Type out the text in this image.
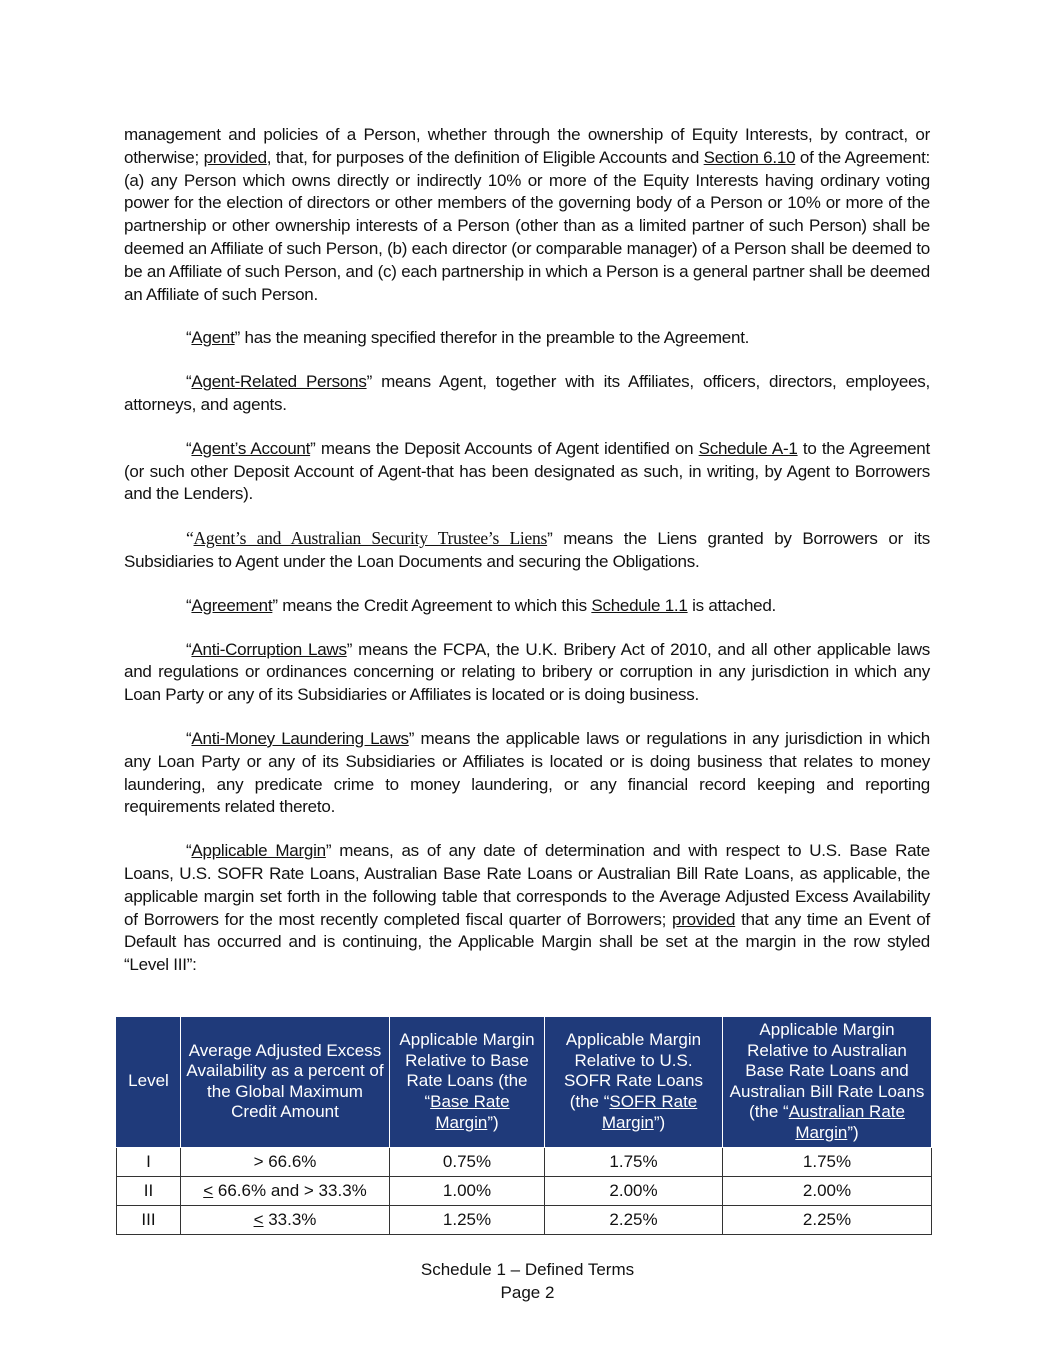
management and policies of a Person, whether through the ownership of Equity Interests, by contract, or otherwise; provided, that, for purposes of the definition of Eligible Accounts and Section 6.10 of the Agreement: (a) any Person which owns directly or indirectly 10% or more of the Equity Interests having ordinary voting power for the election of directors or other members of the governing body of a Person or 10% or more of the partnership or other ownership interests of a Person (other than as a limited partner of such Person) shall be deemed an Affiliate of such Person, (b) each director (or comparable manager) of a Person shall be deemed to be an Affiliate of such Person, and (c) each partnership in which a Person is a general partner shall be deemed an Affiliate of such Person.

“Agent” has the meaning specified therefor in the preamble to the Agreement.

“Agent-Related Persons” means Agent, together with its Affiliates, officers, directors, employees, attorneys, and agents.

“Agent’s Account” means the Deposit Accounts of Agent identified on Schedule A-1 to the Agreement (or such other Deposit Account of Agent-that has been designated as such, in writing, by Agent to Borrowers and the Lenders).

“Agent’s and Australian Security Trustee’s Liens” means the Liens granted by Borrowers or its Subsidiaries to Agent under the Loan Documents and securing the Obligations.

“Agreement” means the Credit Agreement to which this Schedule 1.1 is attached.

“Anti-Corruption Laws” means the FCPA, the U.K. Bribery Act of 2010, and all other applicable laws and regulations or ordinances concerning or relating to bribery or corruption in any jurisdiction in which any Loan Party or any of its Subsidiaries or Affiliates is located or is doing business.

“Anti-Money Laundering Laws” means the applicable laws or regulations in any jurisdiction in which any Loan Party or any of its Subsidiaries or Affiliates is located or is doing business that relates to money laundering, any predicate crime to money laundering, or any financial record keeping and reporting requirements related thereto.

“Applicable Margin” means, as of any date of determination and with respect to U.S. Base Rate Loans, U.S. SOFR Rate Loans, Australian Base Rate Loans or Australian Bill Rate Loans, as applicable, the applicable margin set forth in the following table that corresponds to the Average Adjusted Excess Availability of Borrowers for the most recently completed fiscal quarter of Borrowers; provided that any time an Event of Default has occurred and is continuing, the Applicable Margin shall be set at the margin in the row styled “Level III”:

Level	Average Adjusted Excess Availability as a percent of the Global Maximum Credit Amount	Applicable Margin Relative to Base Rate Loans (the “Base Rate Margin”)	Applicable Margin Relative to U.S. SOFR Rate Loans (the “SOFR Rate Margin”)	Applicable Margin Relative to Australian Base Rate Loans and Australian Bill Rate Loans (the “Australian Rate Margin”)
I	> 66.6%	0.75%	1.75%	1.75%
II	≤ 66.6% and > 33.3%	1.00%	2.00%	2.00%
III	≤ 33.3%	1.25%	2.25%	2.25%
Schedule 1 – Defined Terms
Page 2
